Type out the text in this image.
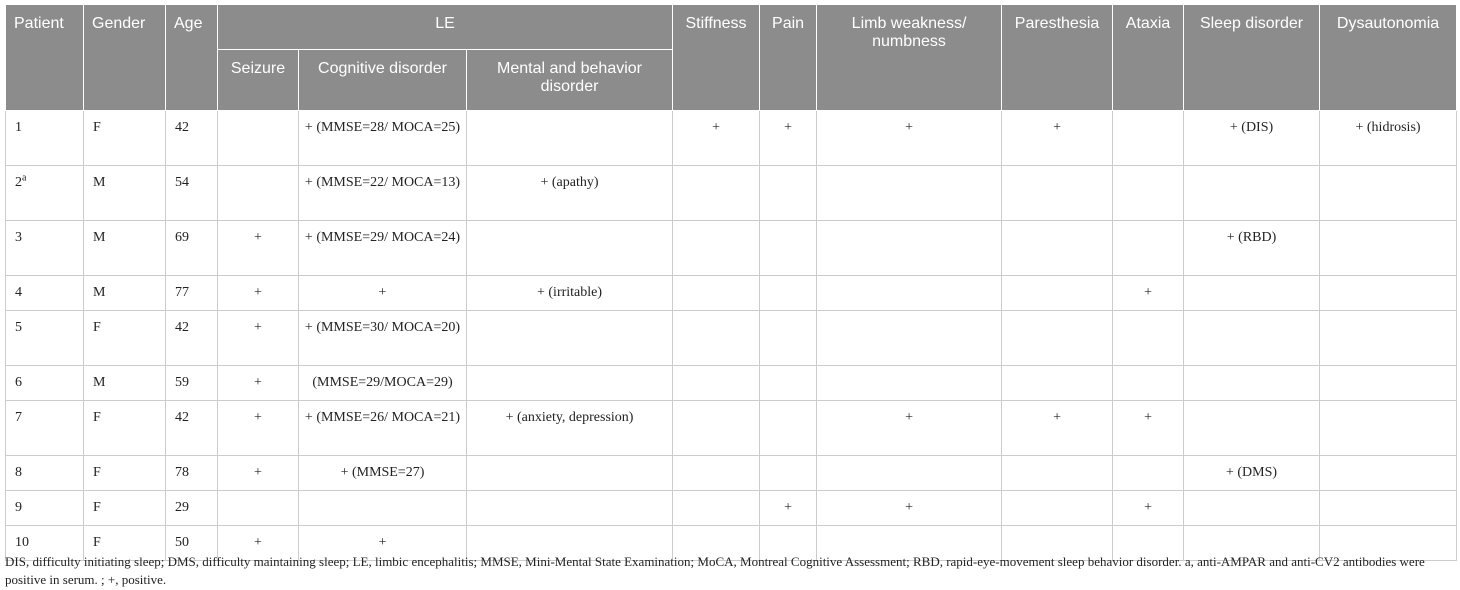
Patient	Gender	Age	LE			Stiffness	Pain	Limb weakness/ numbness	Paresthesia	Ataxia	Sleep disorder	Dysautonomia
			Seizure	Cognitive disorder	Mental and behavior disorder							
1	F	42		+ (MMSE=28/ MOCA=25)		+	+	+	+		+ (DIS)	+ (hidrosis)
2$^a$	M	54		+ (MMSE=22/ MOCA=13)	+ (apathy)							
3	M	69	+	+ (MMSE=29/ MOCA=24)							+ (RBD)	
4	M	77	+	+	+ (irritable)					+		
5	F	42	+	+ (MMSE=30/ MOCA=20)								
6	M	59	+	(MMSE=29/MOCA=29)								
7	F	42	+	+ (MMSE=26/ MOCA=21)	+ (anxiety, depression)			+	+	+		
8	F	78	+	+ (MMSE=27)							+ (DMS)	
9	F	29					+	+		+		
10	F	50	+	+								
DIS, difficulty initiating sleep; DMS, difficulty maintaining sleep; LE, limbic encephalitis; MMSE, Mini-Mental State Examination; MoCA, Montreal Cognitive Assessment; RBD, rapid-eye-movement sleep behavior disorder. a, anti-AMPAR and anti-CV2 antibodies were positive in serum. ; +, positive.
